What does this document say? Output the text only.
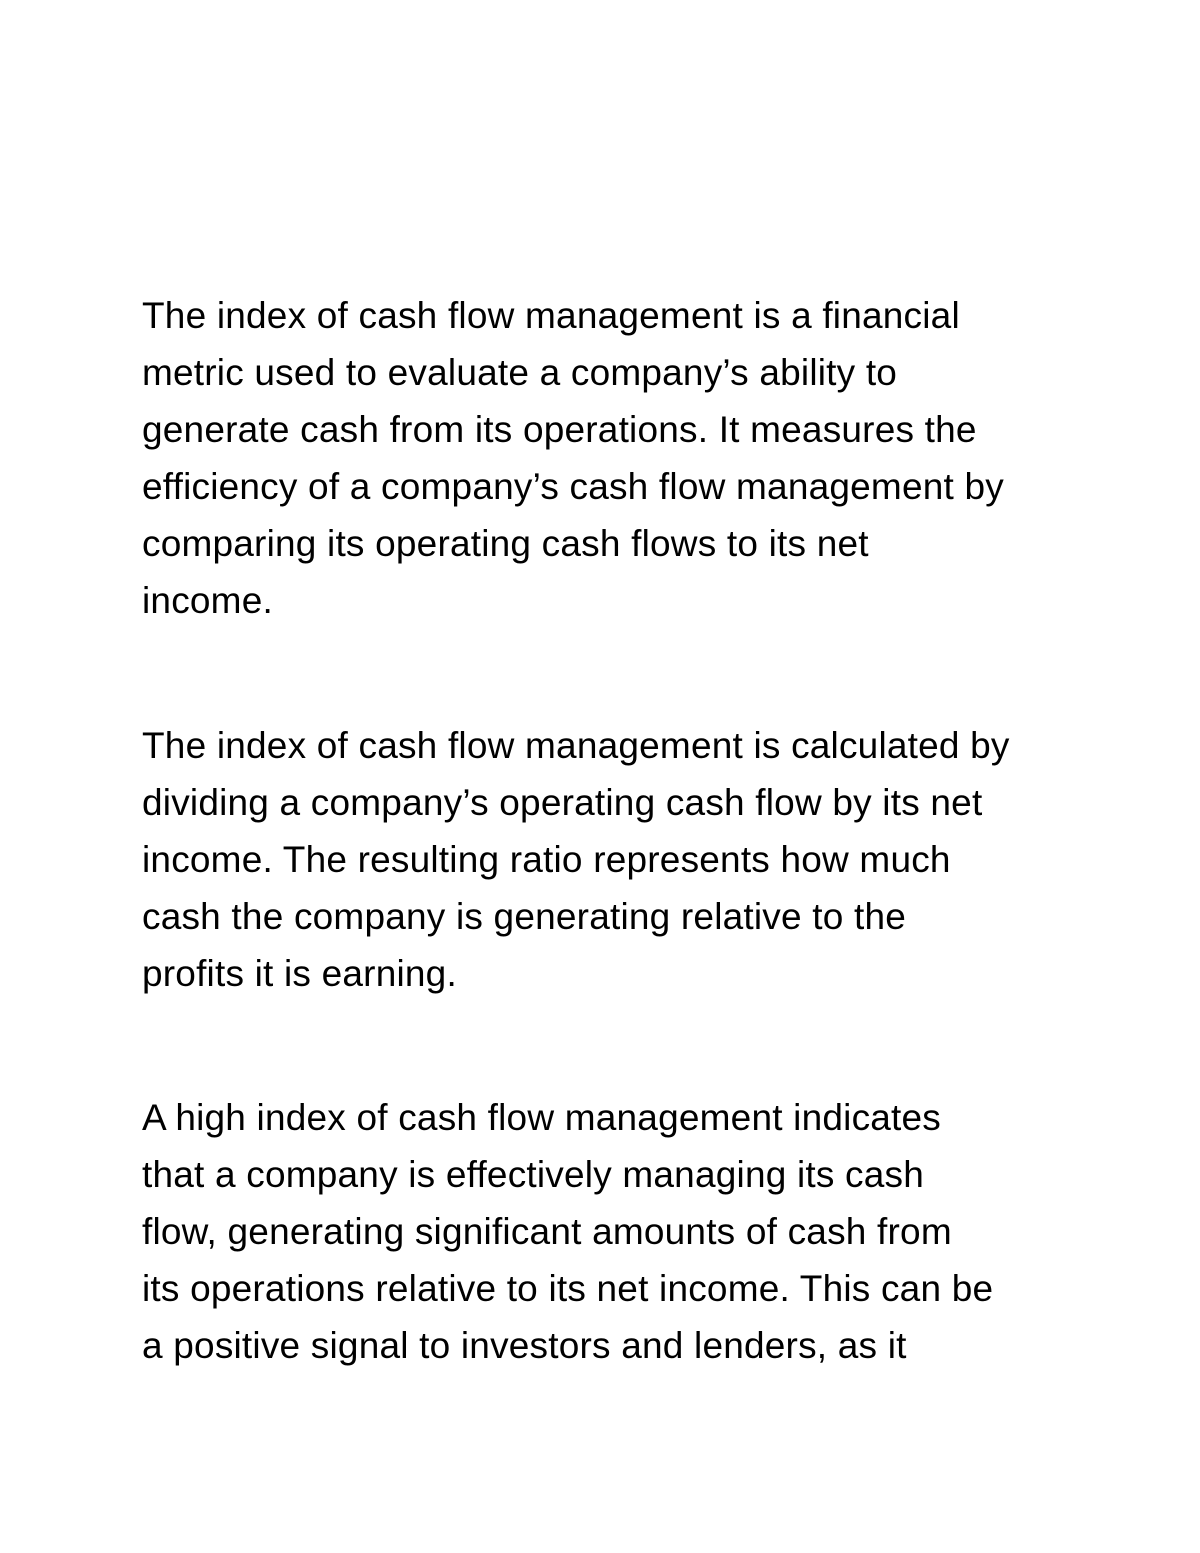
The index of cash flow management is a financial
metric used to evaluate a company’s ability to
generate cash from its operations. It measures the
efficiency of a company’s cash flow management by
comparing its operating cash flows to its net
income.
The index of cash flow management is calculated by
dividing a company’s operating cash flow by its net
income. The resulting ratio represents how much
cash the company is generating relative to the
profits it is earning.
A high index of cash flow management indicates
that a company is effectively managing its cash
flow, generating significant amounts of cash from
its operations relative to its net income. This can be
a positive signal to investors and lenders, as it
